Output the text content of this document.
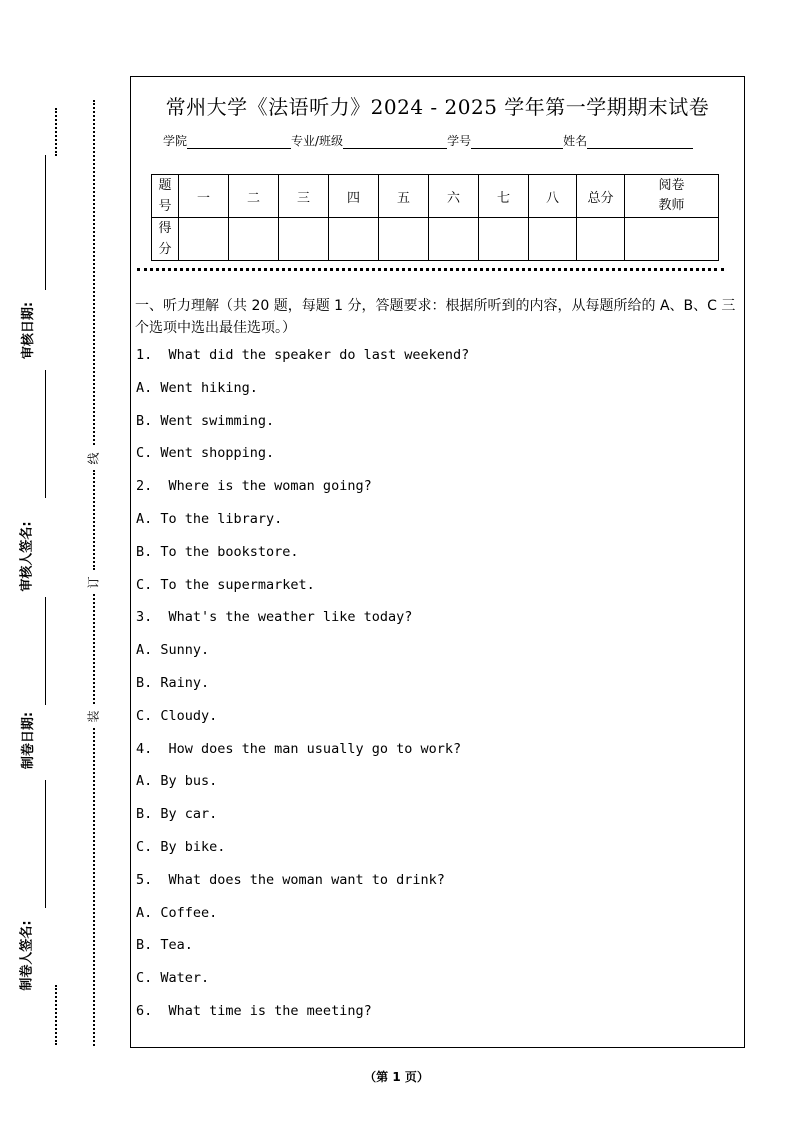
审核日期:
审核人签名:
制卷日期:
制卷人签名:
线
订
装
常州大学《法语听力》2024 - 2025 学年第一学期期末试卷
学院	专业/班级	学号	姓名
题号	一	二	三	四	五	六	七	八	总分	阅卷教师
得分										
一、听力理解（共 20 题，每题 1 分，答题要求：根据所听到的内容，从每题所给的 A、B、C 三个选项中选出最佳选项。）
1.  What did the speaker do last weekend?
A. Went hiking.
B. Went swimming.
C. Went shopping.
2.  Where is the woman going?
A. To the library.
B. To the bookstore.
C. To the supermarket.
3.  What's the weather like today?
A. Sunny.
B. Rainy.
C. Cloudy.
4.  How does the man usually go to work?
A. By bus.
B. By car.
C. By bike.
5.  What does the woman want to drink?
A. Coffee.
B. Tea.
C. Water.
6.  What time is the meeting?
（第 1 页）
